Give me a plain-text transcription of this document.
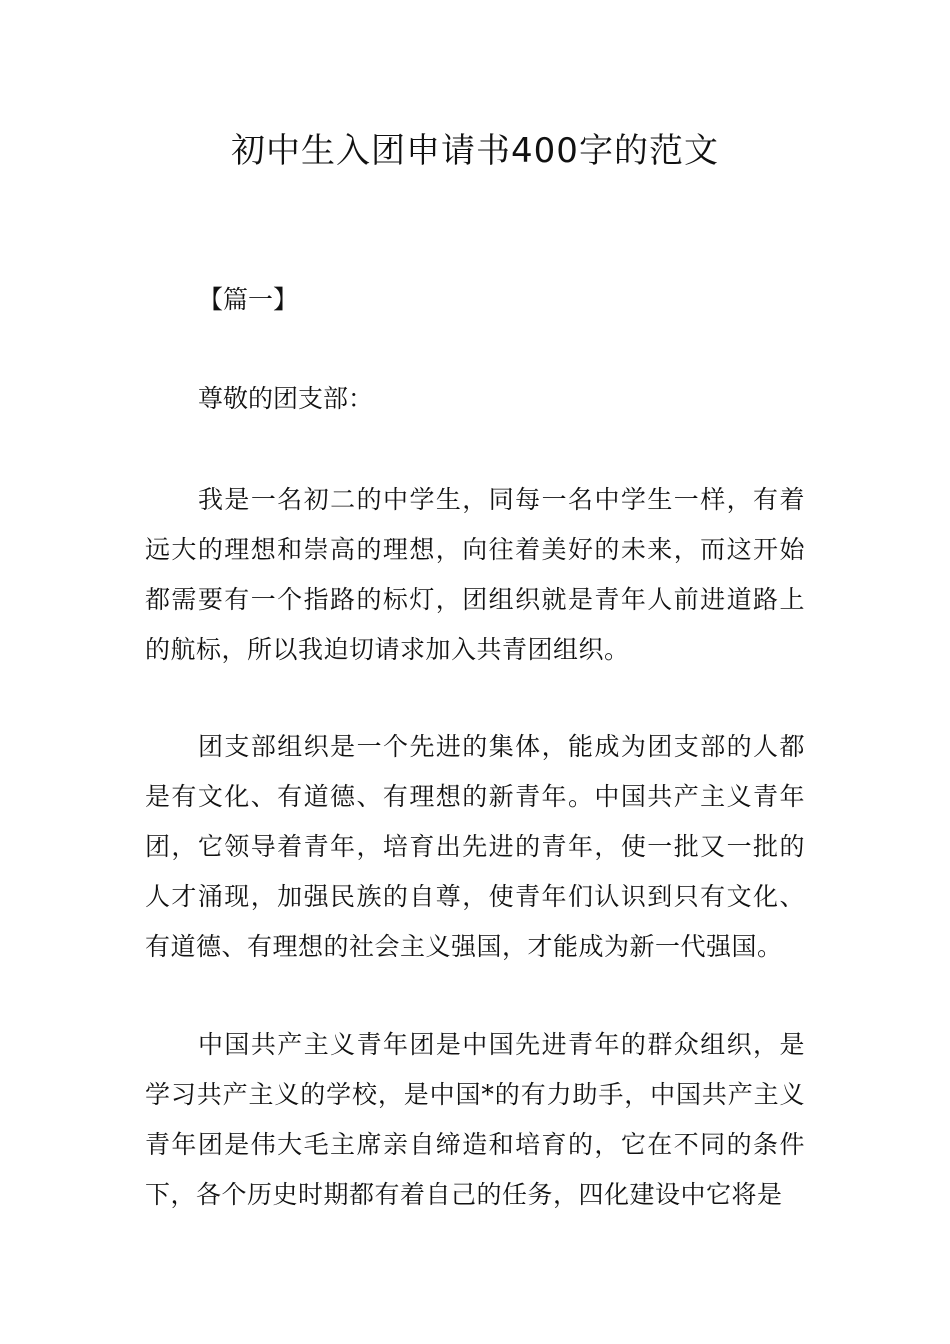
初中生入团申请书400字的范文

【篇一】

尊敬的团支部：

我是一名初二的中学生，同每一名中学生一样，有着远大的理想和崇高的理想，向往着美好的未来，而这开始都需要有一个指路的标灯，团组织就是青年人前进道路上的航标，所以我迫切请求加入共青团组织。

团支部组织是一个先进的集体，能成为团支部的人都是有文化、有道德、有理想的新青年。中国共产主义青年团，它领导着青年，培育出先进的青年，使一批又一批的人才涌现，加强民族的自尊，使青年们认识到只有文化、有道德、有理想的社会主义强国，才能成为新一代强国。

中国共产主义青年团是中国先进青年的群众组织，是学习共产主义的学校，是中国*的有力助手，中国共产主义青年团是伟大毛主席亲自缔造和培育的，它在不同的条件下，各个历史时期都有着自己的任务，四化建设中它将是
